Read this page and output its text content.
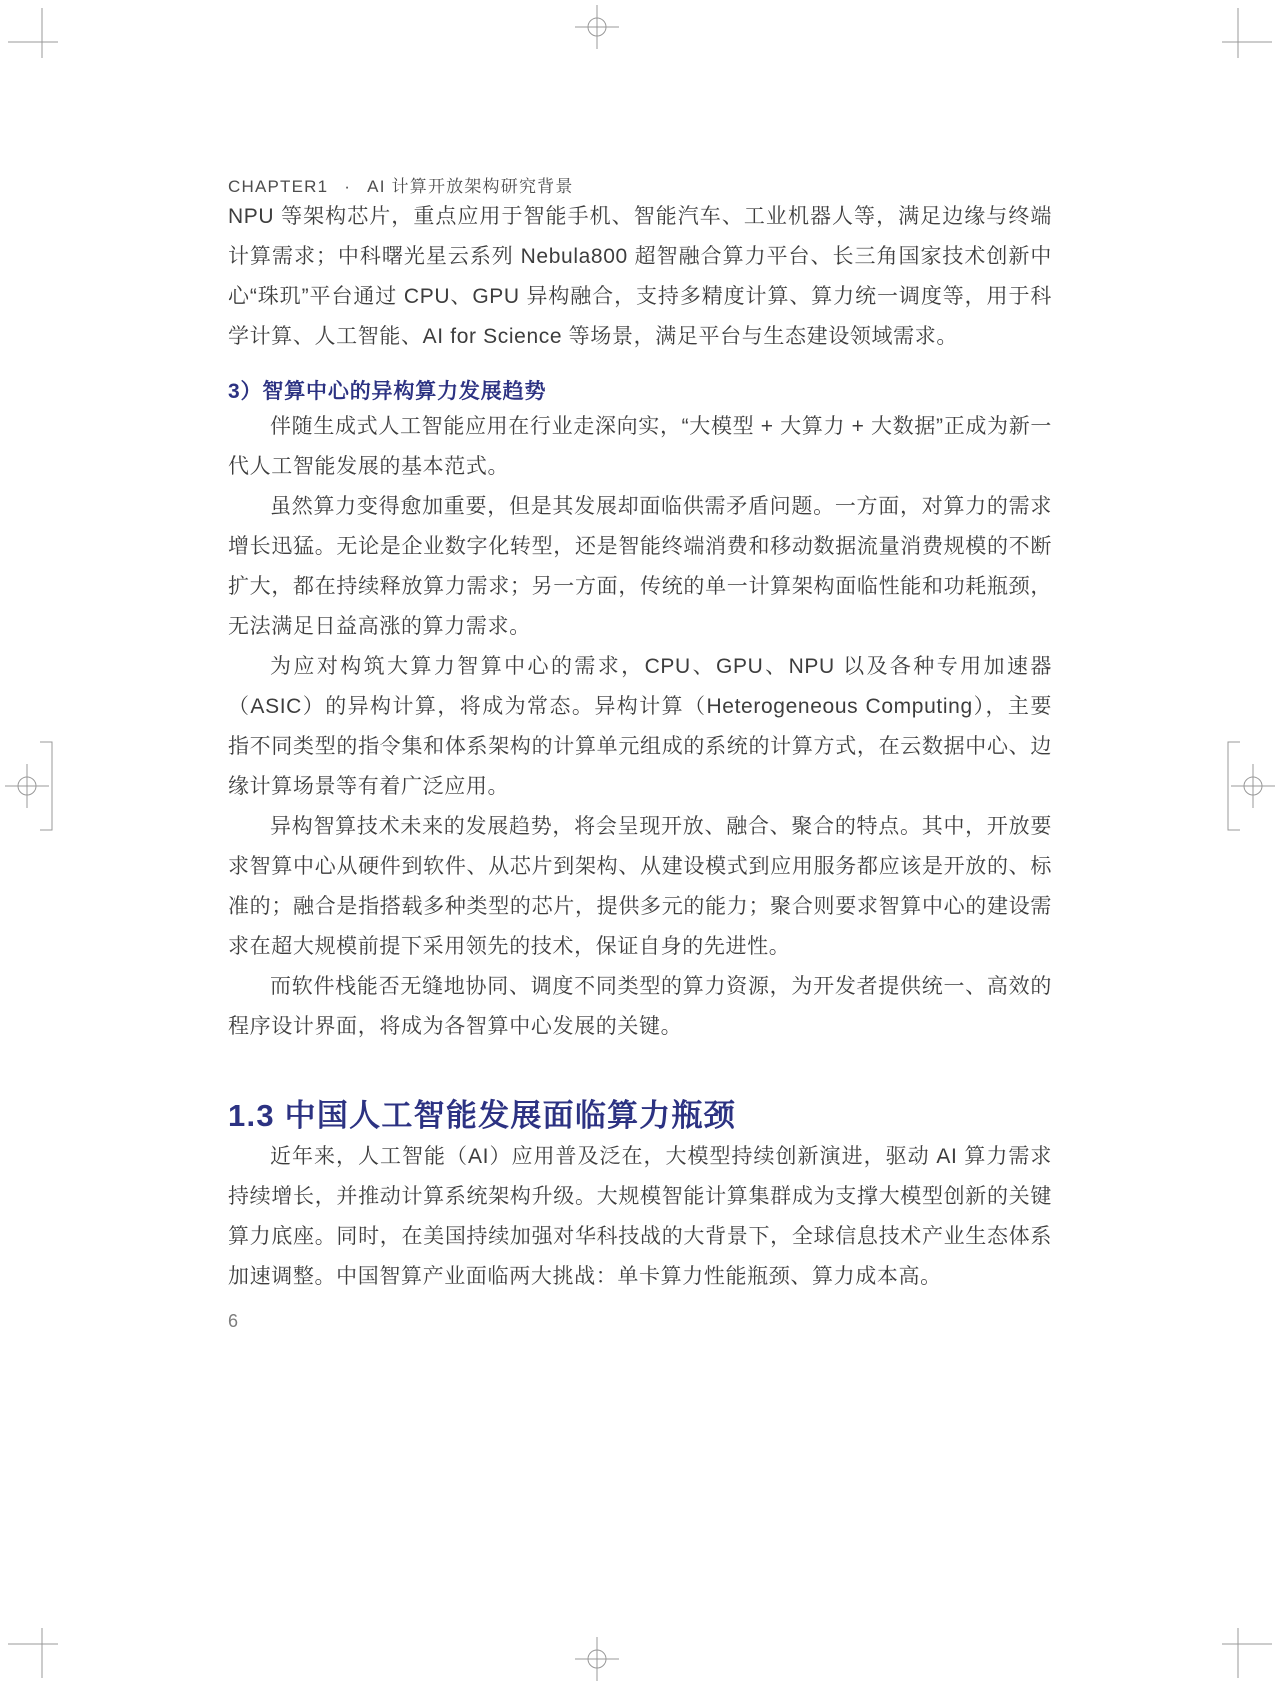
CHAPTER1 · AI 计算开放架构研究背景

NPU 等架构芯片，重点应用于智能手机、智能汽车、工业机器人等，满足边缘与终端计算需求；中科曙光星云系列 Nebula800 超智融合算力平台、长三角国家技术创新中心“珠玑”平台通过 CPU、GPU 异构融合，支持多精度计算、算力统一调度等，用于科学计算、人工智能、AI for Science 等场景，满足平台与生态建设领域需求。

3）智算中心的异构算力发展趋势

伴随生成式人工智能应用在行业走深向实，“大模型 + 大算力 + 大数据”正成为新一代人工智能发展的基本范式。

虽然算力变得愈加重要，但是其发展却面临供需矛盾问题。一方面，对算力的需求增长迅猛。无论是企业数字化转型，还是智能终端消费和移动数据流量消费规模的不断扩大，都在持续释放算力需求；另一方面，传统的单一计算架构面临性能和功耗瓶颈，无法满足日益高涨的算力需求。

为应对构筑大算力智算中心的需求，CPU、GPU、NPU 以及各种专用加速器（ASIC）的异构计算，将成为常态。异构计算（Heterogeneous Computing），主要指不同类型的指令集和体系架构的计算单元组成的系统的计算方式，在云数据中心、边缘计算场景等有着广泛应用。

异构智算技术未来的发展趋势，将会呈现开放、融合、聚合的特点。其中，开放要求智算中心从硬件到软件、从芯片到架构、从建设模式到应用服务都应该是开放的、标准的；融合是指搭载多种类型的芯片，提供多元的能力；聚合则要求智算中心的建设需求在超大规模前提下采用领先的技术，保证自身的先进性。

而软件栈能否无缝地协同、调度不同类型的算力资源，为开发者提供统一、高效的程序设计界面，将成为各智算中心发展的关键。

1.3 中国人工智能发展面临算力瓶颈

近年来，人工智能（AI）应用普及泛在，大模型持续创新演进，驱动 AI 算力需求持续增长，并推动计算系统架构升级。大规模智能计算集群成为支撑大模型创新的关键算力底座。同时，在美国持续加强对华科技战的大背景下，全球信息技术产业生态体系加速调整。中国智算产业面临两大挑战：单卡算力性能瓶颈、算力成本高。

6
